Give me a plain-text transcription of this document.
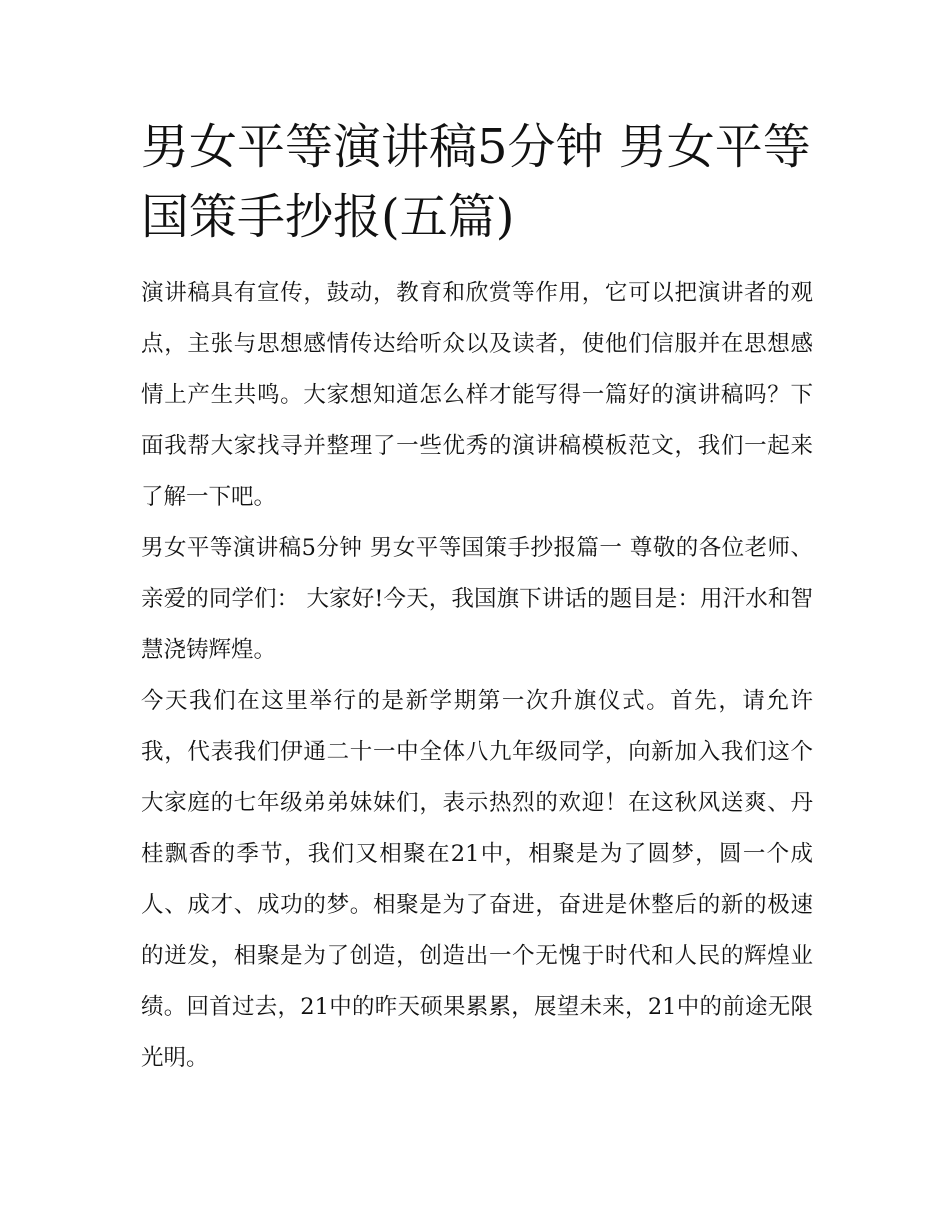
男女平等演讲稿5分钟 男女平等国策手抄报(五篇)

演讲稿具有宣传，鼓动，教育和欣赏等作用，它可以把演讲者的观点，主张与思想感情传达给听众以及读者，使他们信服并在思想感情上产生共鸣。大家想知道怎么样才能写得一篇好的演讲稿吗？下面我帮大家找寻并整理了一些优秀的演讲稿模板范文，我们一起来了解一下吧。

男女平等演讲稿5分钟 男女平等国策手抄报篇一 尊敬的各位老师、亲爱的同学们： 大家好!今天，我国旗下讲话的题目是：用汗水和智慧浇铸辉煌。

今天我们在这里举行的是新学期第一次升旗仪式。首先，请允许我，代表我们伊通二十一中全体八九年级同学，向新加入我们这个大家庭的七年级弟弟妹妹们，表示热烈的欢迎！在这秋风送爽、丹桂飘香的季节，我们又相聚在21中，相聚是为了圆梦，圆一个成人、成才、成功的梦。相聚是为了奋进，奋进是休整后的新的极速的迸发，相聚是为了创造，创造出一个无愧于时代和人民的辉煌业绩。回首过去，21中的昨天硕果累累，展望未来，21中的前途无限光明。
